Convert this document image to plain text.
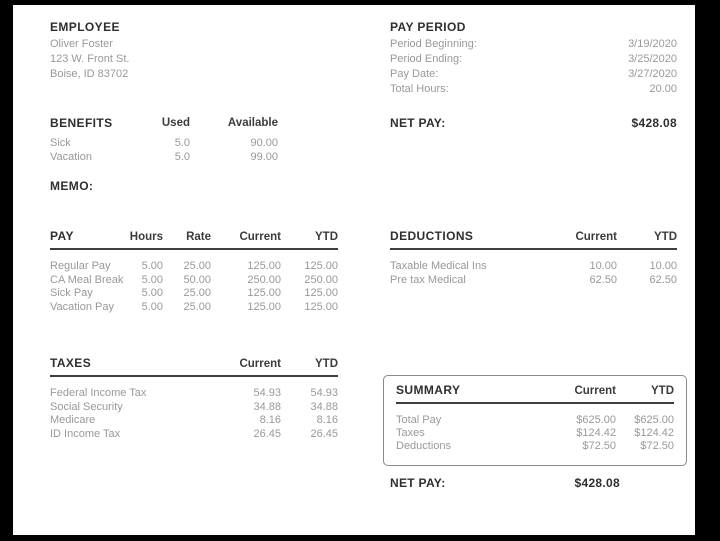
EMPLOYEE
Oliver Foster
123 W. Front St.
Boise, ID 83702
PAY PERIOD
Period Beginning:	3/19/2020
Period Ending:	3/25/2020
Pay Date:	3/27/2020
Total Hours:	20.00
NET PAY:	$428.08
BENEFITS	Used	Available
Sick	5.0	90.00
Vacation	5.0	99.00
MEMO:
PAY	Hours	Rate	Current	YTD
Regular Pay	5.00	25.00	125.00	125.00
CA Meal Break	5.00	50.00	250.00	250.00
Sick Pay	5.00	25.00	125.00	125.00
Vacation Pay	5.00	25.00	125.00	125.00
DEDUCTIONS	Current	YTD
Taxable Medical Ins	10.00	10.00
Pre tax Medical	62.50	62.50
TAXES	Current	YTD
Federal Income Tax	54.93	54.93
Social Security	34.88	34.88
Medicare	8.16	8.16
ID Income Tax	26.45	26.45
SUMMARY	Current	YTD
Total Pay	$625.00	$625.00
Taxes	$124.42	$124.42
Deductions	$72.50	$72.50
NET PAY:	$428.08
